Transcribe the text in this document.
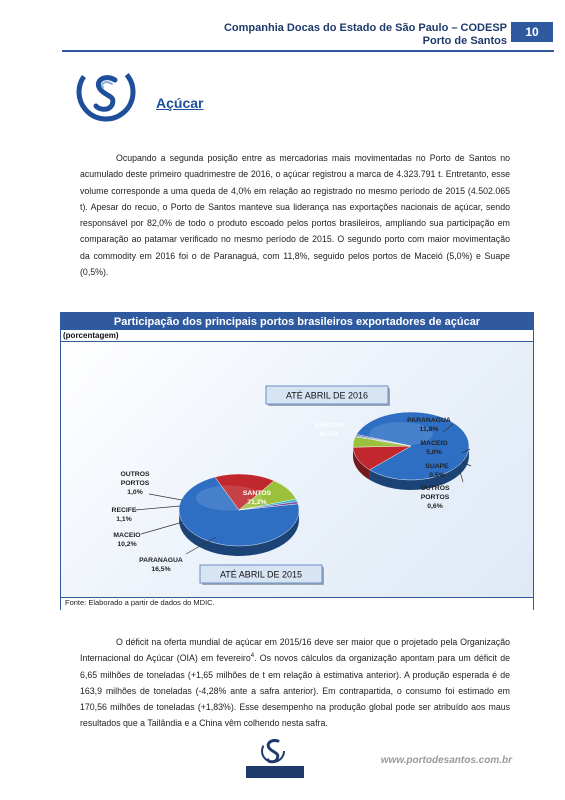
Companhia Docas do Estado de São Paulo – CODESP
Porto de Santos
10
Açúcar
Ocupando a segunda posição entre as mercadorias mais movimentadas no Porto de Santos no acumulado deste primeiro quadrimestre de 2016, o açúcar registrou a marca de 4.323.791 t. Entretanto, esse volume corresponde a uma queda de 4,0% em relação ao registrado no mesmo período de 2015 (4.502.065 t). Apesar do recuo, o Porto de Santos manteve sua liderança nas exportações nacionais de açúcar, sendo responsável por 82,0% de todo o produto escoado pelos portos brasileiros, ampliando sua participação em comparação ao patamar verificado no mesmo período de 2015. O segundo porto com maior movimentação da commodity em 2016 foi o de Paranaguá, com 11,8%, seguido pelos portos de Maceió (5,0%) e Suape (0,5%).
Participação dos principais portos brasileiros exportadores de açúcar
(porcentagem)
ATÉ ABRIL DE 2016
SANTOS 82,0%
PARANAGUA 11,8%
MACEIO 5,0%
SUAPE 0,5%
OUTROS PORTOS 0,6%
ATÉ ABRIL DE 2015
SANTOS 71,2%
PARANAGUA 16,5%
MACEIO 10,2%
RECIFE 1,1%
OUTROS PORTOS 1,0%
Fonte: Elaborado a partir de dados do MDIC.
O déficit na oferta mundial de açúcar em 2015/16 deve ser maior que o projetado pela Organização Internacional do Açúcar (OIA) em fevereiro$^4$. Os novos cálculos da organização apontam para um déficit de 6,65 milhões de toneladas (+1,65 milhões de t em relação à estimativa anterior). A produção esperada é de 163,9 milhões de toneladas (-4,28% ante a safra anterior). Em contrapartida, o consumo foi estimado em 170,56 milhões de toneladas (+1,83%). Esse desempenho na produção global pode ser atribuído aos maus resultados que a Tailândia e a China vêm colhendo nesta safra.
www.portodesantos.com.br
